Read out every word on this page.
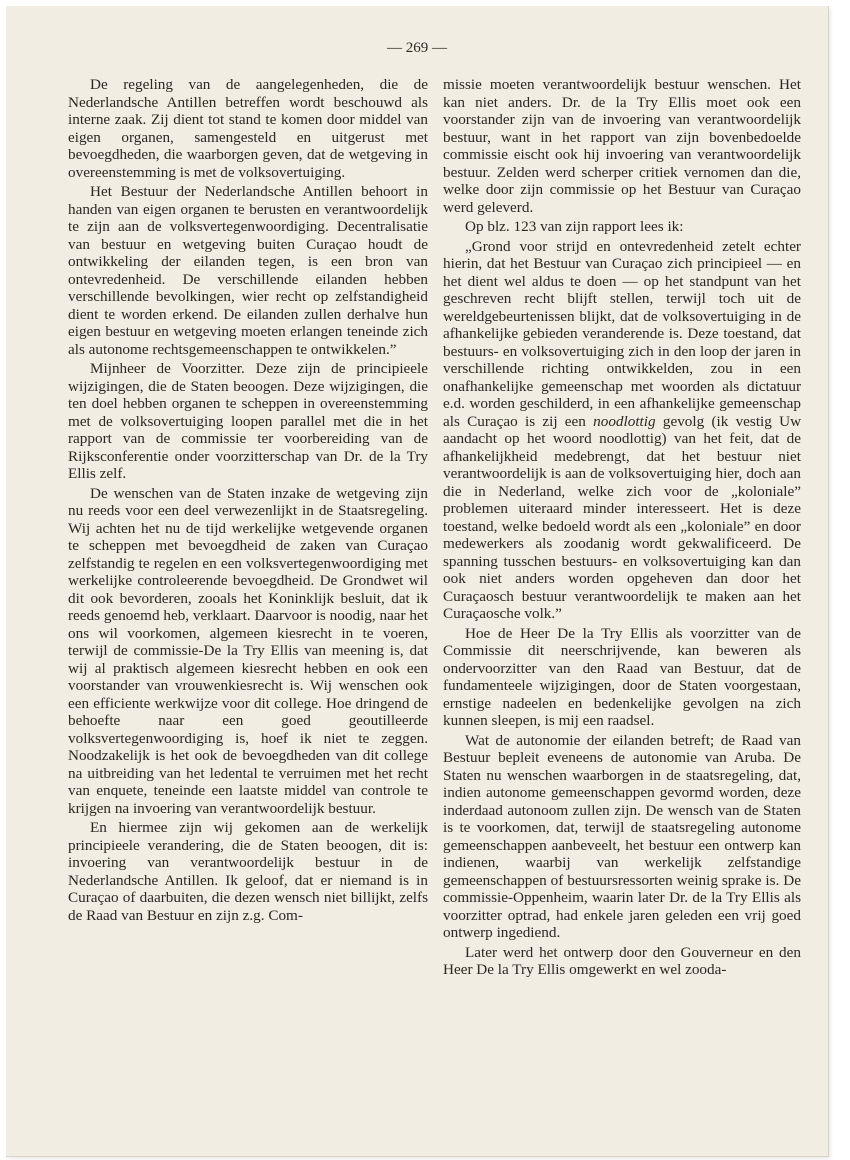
— 269 —

De regeling van de aangelegenheden, die de Nederlandsche Antillen betreffen wordt beschouwd als interne zaak. Zij dient tot stand te komen door middel van eigen organen, samengesteld en uitgerust met bevoegdheden, die waarborgen geven, dat de wetgeving in overeenstemming is met de volksovertuiging.

Het Bestuur der Nederlandsche Antillen behoort in handen van eigen organen te berusten en verantwoordelijk te zijn aan de volksvertegenwoordiging. Decentralisatie van bestuur en wetgeving buiten Curaçao houdt de ontwikkeling der eilanden tegen, is een bron van ontevredenheid. De verschillende eilanden hebben verschillende bevolkingen, wier recht op zelfstandigheid dient te worden erkend. De eilanden zullen derhalve hun eigen bestuur en wetgeving moeten erlangen teneinde zich als autonome rechtsgemeenschappen te ontwikkelen.”

Mijnheer de Voorzitter. Deze zijn de principieele wijzigingen, die de Staten beoogen. Deze wijzigingen, die ten doel hebben organen te scheppen in overeenstemming met de volksovertuiging loopen parallel met die in het rapport van de commissie ter voorbereiding van de Rijksconferentie onder voorzitterschap van Dr. de la Try Ellis zelf.

De wenschen van de Staten inzake de wetgeving zijn nu reeds voor een deel verwezenlijkt in de Staatsregeling. Wij achten het nu de tijd werkelijke wetgevende organen te scheppen met bevoegdheid de zaken van Curaçao zelfstandig te regelen en een volksvertegenwoordiging met werkelijke controleerende bevoegdheid. De Grondwet wil dit ook bevorderen, zooals het Koninklijk besluit, dat ik reeds genoemd heb, verklaart. Daarvoor is noodig, naar het ons wil voorkomen, algemeen kiesrecht in te voeren, terwijl de commissie-De la Try Ellis van meening is, dat wij al praktisch algemeen kiesrecht hebben en ook een voorstander van vrouwenkiesrecht is. Wij wenschen ook een efficiente werkwijze voor dit college. Hoe dringend de behoefte naar een goed geoutilleerde volksvertegenwoordiging is, hoef ik niet te zeggen. Noodzakelijk is het ook de bevoegdheden van dit college na uitbreiding van het ledental te verruimen met het recht van enquete, teneinde een laatste middel van controle te krijgen na invoering van verantwoordelijk bestuur.

En hiermee zijn wij gekomen aan de werkelijk principieele verandering, die de Staten beoogen, dit is: invoering van verantwoordelijk bestuur in de Nederlandsche Antillen. Ik geloof, dat er niemand is in Curaçao of daarbuiten, die dezen wensch niet billijkt, zelfs de Raad van Bestuur en zijn z.g. Com-

missie moeten verantwoordelijk bestuur wenschen. Het kan niet anders. Dr. de la Try Ellis moet ook een voorstander zijn van de invoering van verantwoordelijk bestuur, want in het rapport van zijn bovenbedoelde commissie eischt ook hij invoering van verantwoordelijk bestuur. Zelden werd scherper critiek vernomen dan die, welke door zijn commissie op het Bestuur van Curaçao werd geleverd.

Op blz. 123 van zijn rapport lees ik:

„Grond voor strijd en ontevredenheid zetelt echter hierin, dat het Bestuur van Curaçao zich principieel — en het dient wel aldus te doen — op het standpunt van het geschreven recht blijft stellen, terwijl toch uit de wereldgebeurtenissen blijkt, dat de volksovertuiging in de afhankelijke gebieden veranderende is. Deze toestand, dat bestuurs- en volksovertuiging zich in den loop der jaren in verschillende richting ontwikkelden, zou in een onafhankelijke gemeenschap met woorden als dictatuur e.d. worden geschilderd, in een afhankelijke gemeenschap als Curaçao is zij een noodlottig gevolg (ik vestig Uw aandacht op het woord noodlottig) van het feit, dat de afhankelijkheid medebrengt, dat het bestuur niet verantwoordelijk is aan de volksovertuiging hier, doch aan die in Nederland, welke zich voor de „koloniale” problemen uiteraard minder interesseert. Het is deze toestand, welke bedoeld wordt als een „koloniale” en door medewerkers als zoodanig wordt gekwalificeerd. De spanning tusschen bestuurs- en volksovertuiging kan dan ook niet anders worden opgeheven dan door het Curaçaosch bestuur verantwoordelijk te maken aan het Curaçaosche volk.”

Hoe de Heer De la Try Ellis als voorzitter van de Commissie dit neerschrijvende, kan beweren als ondervoorzitter van den Raad van Bestuur, dat de fundamenteele wijzigingen, door de Staten voorgestaan, ernstige nadeelen en bedenkelijke gevolgen na zich kunnen sleepen, is mij een raadsel.

Wat de autonomie der eilanden betreft; de Raad van Bestuur bepleit eveneens de autonomie van Aruba. De Staten nu wenschen waarborgen in de staatsregeling, dat, indien autonome gemeenschappen gevormd worden, deze inderdaad autonoom zullen zijn. De wensch van de Staten is te voorkomen, dat, terwijl de staatsregeling autonome gemeenschappen aanbeveelt, het bestuur een ontwerp kan indienen, waarbij van werkelijk zelfstandige gemeenschappen of bestuursressorten weinig sprake is. De commissie-Oppenheim, waarin later Dr. de la Try Ellis als voorzitter optrad, had enkele jaren geleden een vrij goed ontwerp ingediend.

Later werd het ontwerp door den Gouverneur en den Heer De la Try Ellis omgewerkt en wel zooda-
